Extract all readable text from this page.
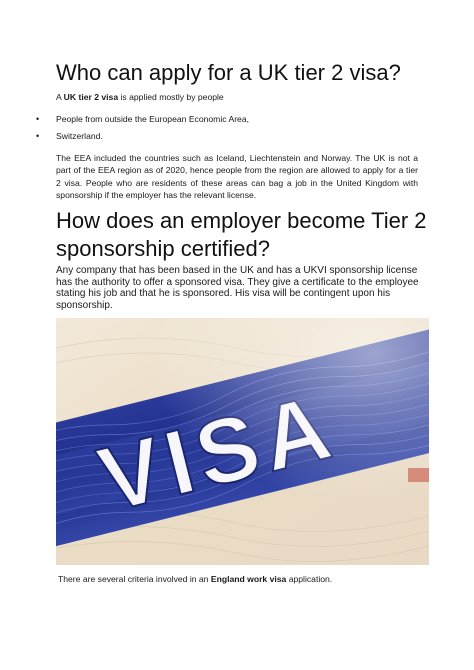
Who can apply for a UK tier 2 visa?

A UK tier 2 visa is applied mostly by people

• People from outside the European Economic Area,
• Switzerland.

The EEA included the countries such as Iceland, Liechtenstein and Norway. The UK is not a part of the EEA region as of 2020, hence people from the region are allowed to apply for a tier 2 visa. People who are residents of these areas can bag a job in the United Kingdom with sponsorship if the employer has the relevant license.

How does an employer become Tier 2 sponsorship certified?

Any company that has been based in the UK and has a UKVI sponsorship license has the authority to offer a sponsored visa. They give a certificate to the employee stating his job and that he is sponsored. His visa will be contingent upon his sponsorship.

There are several criteria involved in an England work visa application.
